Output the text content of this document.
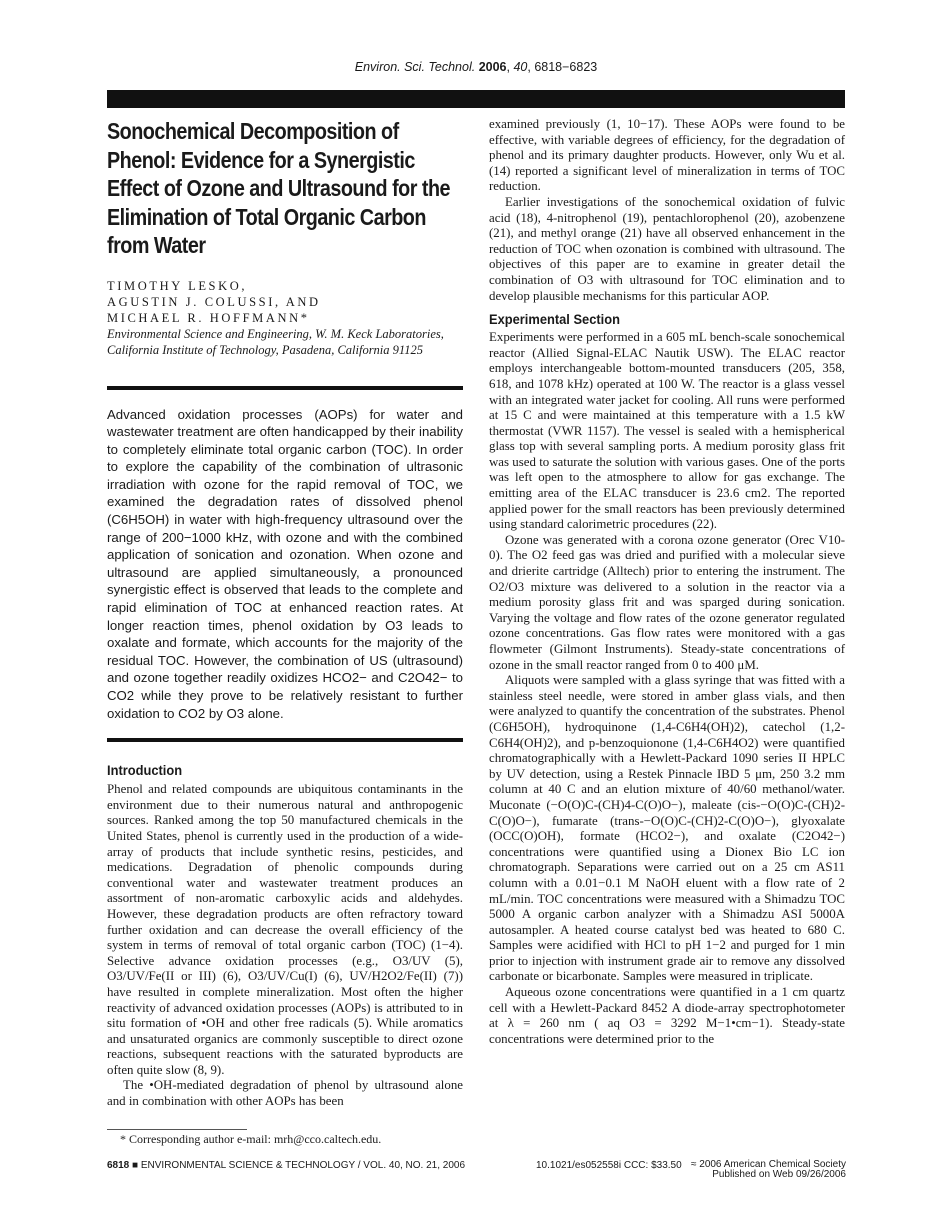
Environ. Sci. Technol. 2006, 40, 6818−6823
Sonochemical Decomposition of Phenol: Evidence for a Synergistic Effect of Ozone and Ultrasound for the Elimination of Total Organic Carbon from Water
TIMOTHY LESKO,
AGUSTIN J. COLUSSI, AND
MICHAEL R. HOFFMANN*
Environmental Science and Engineering, W. M. Keck Laboratories, California Institute of Technology, Pasadena, California 91125

Advanced oxidation processes (AOPs) for water and wastewater treatment are often handicapped by their inability to completely eliminate total organic carbon (TOC). In order to explore the capability of the combination of ultrasonic irradiation with ozone for the rapid removal of TOC, we examined the degradation rates of dissolved phenol (C6H5OH) in water with high-frequency ultrasound over the range of 200−1000 kHz, with ozone and with the combined application of sonication and ozonation. When ozone and ultrasound are applied simultaneously, a pronounced synergistic effect is observed that leads to the complete and rapid elimination of TOC at enhanced reaction rates. At longer reaction times, phenol oxidation by O3 leads to oxalate and formate, which accounts for the majority of the residual TOC. However, the combination of US (ultrasound) and ozone together readily oxidizes HCO2− and C2O42− to CO2 while they prove to be relatively resistant to further oxidation to CO2 by O3 alone.

Introduction

Phenol and related compounds are ubiquitous contaminants in the environment due to their numerous natural and anthropogenic sources. Ranked among the top 50 manufactured chemicals in the United States, phenol is currently used in the production of a wide-array of products that include synthetic resins, pesticides, and medications. Degradation of phenolic compounds during conventional water and wastewater treatment produces an assortment of non-aromatic carboxylic acids and aldehydes. However, these degradation products are often refractory toward further oxidation and can decrease the overall efficiency of the system in terms of removal of total organic carbon (TOC) (1−4). Selective advance oxidation processes (e.g., O3/UV (5), O3/UV/Fe(II or III) (6), O3/UV/Cu(I) (6), UV/H2O2/Fe(II) (7)) have resulted in complete mineralization. Most often the higher reactivity of advanced oxidation processes (AOPs) is attributed to in situ formation of •OH and other free radicals (5). While aromatics and unsaturated organics are commonly susceptible to direct ozone reactions, subsequent reactions with the saturated byproducts are often quite slow (8, 9).

The •OH-mediated degradation of phenol by ultrasound alone and in combination with other AOPs has been

examined previously (1, 10−17). These AOPs were found to be effective, with variable degrees of efficiency, for the degradation of phenol and its primary daughter products. However, only Wu et al. (14) reported a significant level of mineralization in terms of TOC reduction.

Earlier investigations of the sonochemical oxidation of fulvic acid (18), 4-nitrophenol (19), pentachlorophenol (20), azobenzene (21), and methyl orange (21) have all observed enhancement in the reduction of TOC when ozonation is combined with ultrasound. The objectives of this paper are to examine in greater detail the combination of O3 with ultrasound for TOC elimination and to develop plausible mechanisms for this particular AOP.

Experimental Section

Experiments were performed in a 605 mL bench-scale sonochemical reactor (Allied Signal-ELAC Nautik USW). The ELAC reactor employs interchangeable bottom-mounted transducers (205, 358, 618, and 1078 kHz) operated at 100 W. The reactor is a glass vessel with an integrated water jacket for cooling. All runs were performed at 15 C and were maintained at this temperature with a 1.5 kW thermostat (VWR 1157). The vessel is sealed with a hemispherical glass top with several sampling ports. A medium porosity glass frit was used to saturate the solution with various gases. One of the ports was left open to the atmosphere to allow for gas exchange. The emitting area of the ELAC transducer is 23.6 cm2. The reported applied power for the small reactors has been previously determined using standard calorimetric procedures (22).

Ozone was generated with a corona ozone generator (Orec V10-0). The O2 feed gas was dried and purified with a molecular sieve and drierite cartridge (Alltech) prior to entering the instrument. The O2/O3 mixture was delivered to a solution in the reactor via a medium porosity glass frit and was sparged during sonication. Varying the voltage and flow rates of the ozone generator regulated ozone concentrations. Gas flow rates were monitored with a gas flowmeter (Gilmont Instruments). Steady-state concentrations of ozone in the small reactor ranged from 0 to 400 μM.

Aliquots were sampled with a glass syringe that was fitted with a stainless steel needle, were stored in amber glass vials, and then were analyzed to quantify the concentration of the substrates. Phenol (C6H5OH), hydroquinone (1,4-C6H4(OH)2), catechol (1,2-C6H4(OH)2), and p-benzoquionone (1,4-C6H4O2) were quantified chromatographically with a Hewlett-Packard 1090 series II HPLC by UV detection, using a Restek Pinnacle IBD 5 μm, 250 3.2 mm column at 40 C and an elution mixture of 40/60 methanol/water. Muconate (−O(O)C-(CH)4-C(O)O−), maleate (cis-−O(O)C-(CH)2-C(O)O−), fumarate (trans-−O(O)C-(CH)2-C(O)O−), glyoxalate (OCC(O)OH), formate (HCO2−), and oxalate (C2O42−) concentrations were quantified using a Dionex Bio LC ion chromatograph. Separations were carried out on a 25 cm AS11 column with a 0.01−0.1 M NaOH eluent with a flow rate of 2 mL/min. TOC concentrations were measured with a Shimadzu TOC 5000 A organic carbon analyzer with a Shimadzu ASI 5000A autosampler. A heated course catalyst bed was heated to 680 C. Samples were acidified with HCl to pH 1−2 and purged for 1 min prior to injection with instrument grade air to remove any dissolved carbonate or bicarbonate. Samples were measured in triplicate.

Aqueous ozone concentrations were quantified in a 1 cm quartz cell with a Hewlett-Packard 8452 A diode-array spectrophotometer at λ = 260 nm ( aq O3 = 3292 M−1•cm−1). Steady-state concentrations were determined prior to the

* Corresponding author e-mail: mrh@cco.caltech.edu.
6818 ■ ENVIRONMENTAL SCIENCE & TECHNOLOGY / VOL. 40, NO. 21, 2006	10.1021/es052558i CCC: $33.50 ≈ 2006 American Chemical Society
Published on Web 09/26/2006
